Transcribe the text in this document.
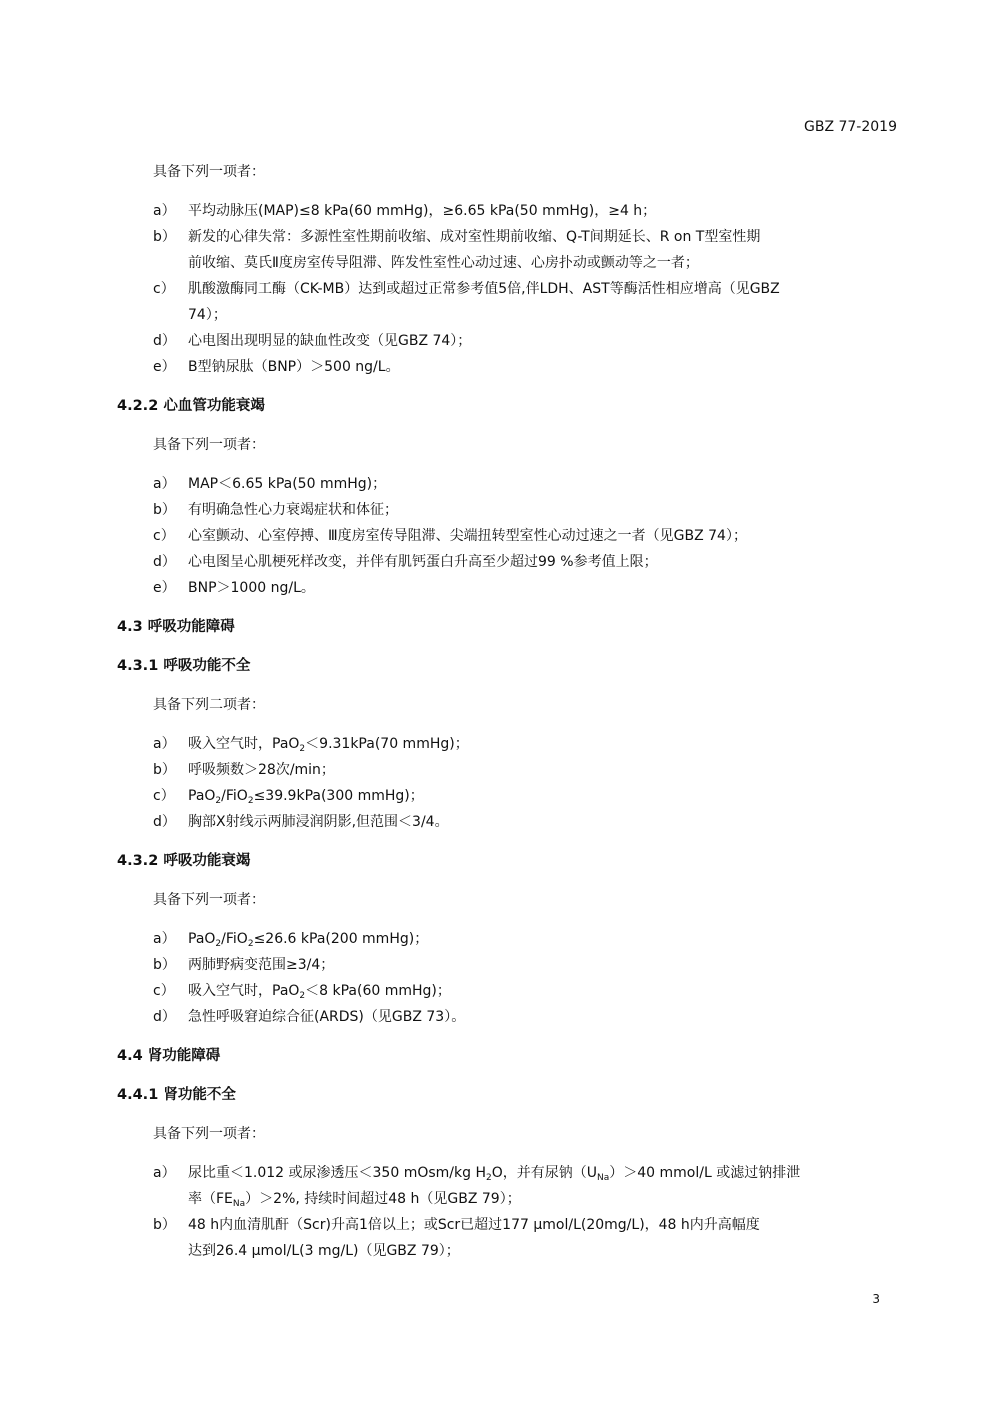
GBZ 77-2019
具备下列一项者：
a） 平均动脉压(MAP)≤8 kPa(60 mmHg)，≥6.65 kPa(50 mmHg)，≥4 h；
b） 新发的心律失常：多源性室性期前收缩、成对室性期前收缩、Q-T间期延长、R on T型室性期
前收缩、莫氏Ⅱ度房室传导阻滞、阵发性室性心动过速、心房扑动或颤动等之一者；
c） 肌酸激酶同工酶（CK-MB）达到或超过正常参考值5倍,伴LDH、AST等酶活性相应增高（见GBZ
74）；
d） 心电图出现明显的缺血性改变（见GBZ 74）；
e） B型钠尿肽（BNP）＞500 ng/L。
4.2.2 心血管功能衰竭
具备下列一项者：
a） MAP＜6.65 kPa(50 mmHg)；
b） 有明确急性心力衰竭症状和体征；
c） 心室颤动、心室停搏、Ⅲ度房室传导阻滞、尖端扭转型室性心动过速之一者（见GBZ 74）；
d） 心电图呈心肌梗死样改变，并伴有肌钙蛋白升高至少超过99 %参考值上限；
e） BNP＞1000 ng/L。
4.3 呼吸功能障碍
4.3.1 呼吸功能不全
具备下列二项者：
a） 吸入空气时，PaO$_2$＜9.31kPa(70 mmHg)；
b） 呼吸频数＞28次/min；
c） PaO$_2$/FiO$_2$≤39.9kPa(300 mmHg)；
d） 胸部X射线示两肺浸润阴影,但范围＜3/4。
4.3.2 呼吸功能衰竭
具备下列一项者：
a） PaO$_2$/FiO$_2$≤26.6 kPa(200 mmHg)；
b） 两肺野病变范围≥3/4；
c） 吸入空气时，PaO$_2$＜8 kPa(60 mmHg)；
d） 急性呼吸窘迫综合征(ARDS)（见GBZ 73）。
4.4 肾功能障碍
4.4.1 肾功能不全
具备下列一项者：
a） 尿比重＜1.012 或尿渗透压＜350 mOsm/kg $H_2O$，并有尿钠$(U_{Na})>40$ mmol/L 或滤过钠排泄
率$(FE_{Na})>2\%$, 持续时间超过48 h（见GBZ 79）；
b） 48 h内血清肌酐（Scr)升高1倍以上；或Scr已超过177 μmol/L(20mg/L)，48 h内升高幅度
达到26.4 μmol/L(3 mg/L)（见GBZ 79）；
3
